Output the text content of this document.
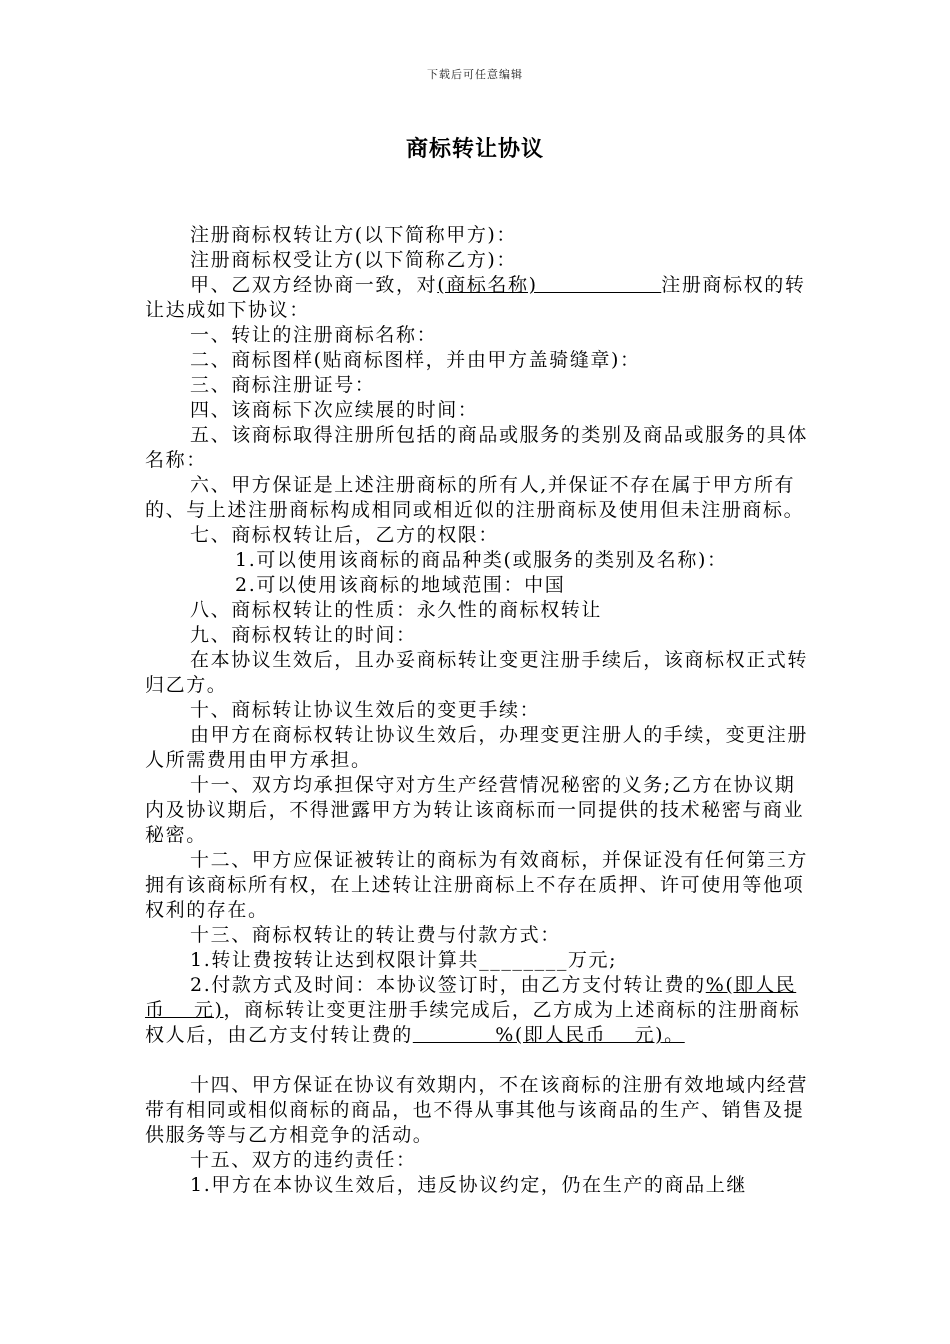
下载后可任意编辑
商标转让协议

注册商标权转让方(以下简称甲方)：

注册商标权受让方(以下简称乙方)：

甲、乙双方经协商一致，对(商标名称)　　　　　　注册商标权的转让达成如下协议：

一、转让的注册商标名称：

二、商标图样(贴商标图样，并由甲方盖骑缝章)：

三、商标注册证号：

四、该商标下次应续展的时间：

五、该商标取得注册所包括的商品或服务的类别及商品或服务的具体名称：

六、甲方保证是上述注册商标的所有人,并保证不存在属于甲方所有的、与上述注册商标构成相同或相近似的注册商标及使用但未注册商标。

七、商标权转让后，乙方的权限：

1.可以使用该商标的商品种类(或服务的类别及名称)：

2.可以使用该商标的地域范围：中国

八、商标权转让的性质：永久性的商标权转让

九、商标权转让的时间：

在本协议生效后，且办妥商标转让变更注册手续后，该商标权正式转归乙方。

十、商标转让协议生效后的变更手续：

由甲方在商标权转让协议生效后，办理变更注册人的手续，变更注册人所需费用由甲方承担。

十一、双方均承担保守对方生产经营情况秘密的义务;乙方在协议期内及协议期后，不得泄露甲方为转让该商标而一同提供的技术秘密与商业秘密。

十二、甲方应保证被转让的商标为有效商标，并保证没有任何第三方拥有该商标所有权，在上述转让注册商标上不存在质押、许可使用等他项权利的存在。

十三、商标权转让的转让费与付款方式：

1.转让费按转让达到权限计算共________万元;

2.付款方式及时间：本协议签订时，由乙方支付转让费的%(即人民币　 元)，商标转让变更注册手续完成后，乙方成为上述商标的注册商标权人后，由乙方支付转让费的　　　　%(即人民币　 元)。

十四、甲方保证在协议有效期内，不在该商标的注册有效地域内经营带有相同或相似商标的商品，也不得从事其他与该商品的生产、销售及提供服务等与乙方相竞争的活动。

十五、双方的违约责任：

1.甲方在本协议生效后，违反协议约定，仍在生产的商品上继
